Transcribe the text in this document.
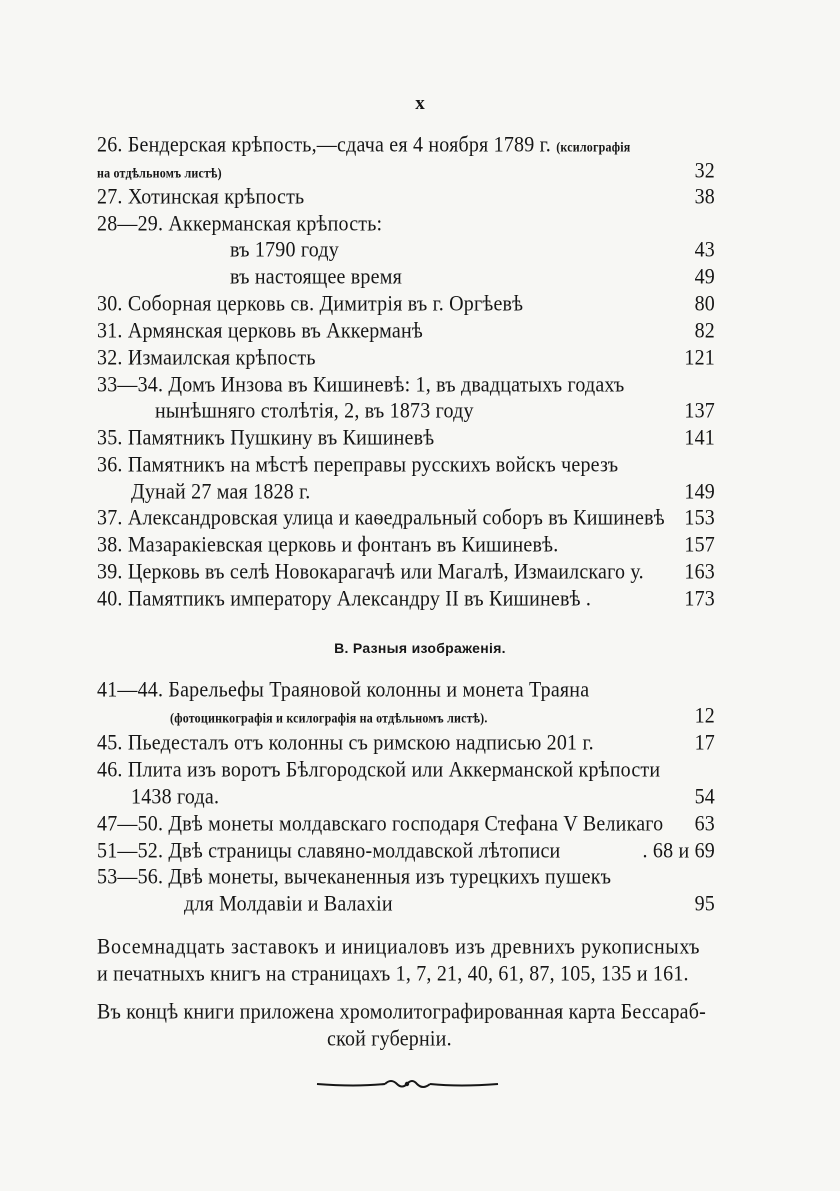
x
26. Бендерская крѣпость,—сдача ея 4 ноября 1789 г. (ксилографія
на отдѣльномъ листѣ)	32
27. Хотинская крѣпость	38
28—29. Аккерманская крѣпость:
въ 1790 году	43
въ настоящее время	49
30. Соборная церковь св. Димитрія въ г. Оргѣевѣ	80
31. Армянская церковь въ Аккерманѣ	82
32. Измаилская крѣпость	121
33—34. Домъ Инзова въ Кишиневѣ: 1, въ двадцатыхъ годахъ
нынѣшняго столѣтія, 2, въ 1873 году	137
35. Памятникъ Пушкину въ Кишиневѣ	141
36. Памятникъ на мѣстѣ переправы русскихъ войскъ черезъ
Дунай 27 мая 1828 г.	149
37. Александровская улица и каѳедральный соборъ въ Кишиневѣ 153
38. Мазаракіевская церковь и фонтанъ въ Кишиневѣ.	157
39. Церковь въ селѣ Новокарагачѣ или Магалѣ, Измаилскаго у. 163
40. Памятпикъ императору Александру II въ Кишиневѣ .	173
В. Разныя изображенія.
41—44. Барельефы Траяновой колонны и монета Траяна
(фотоцинкографія и ксилографія на отдѣльномъ листѣ).	12
45. Пьедесталъ отъ колонны съ римскою надписью 201 г.	17
46. Плита изъ воротъ Бѣлгородской или Аккерманской крѣпости
1438 года.	54
47—50. Двѣ монеты молдавскаго господаря Стефана V Великаго 63
51—52. Двѣ страницы славяно-молдавской лѣтописи	. 68 и 69
53—56. Двѣ монеты, вычеканенныя изъ турецкихъ пушекъ
для Молдавіи и Валахіи	95
Восемнадцать заставокъ и инициаловъ изъ древнихъ рукописныхъ
и печатныхъ книгъ на страницахъ 1, 7, 21, 40, 61, 87, 105, 135 и 161.
Въ концѣ книги приложена хромолитографированная карта Бессараб-
ской губерніи.
